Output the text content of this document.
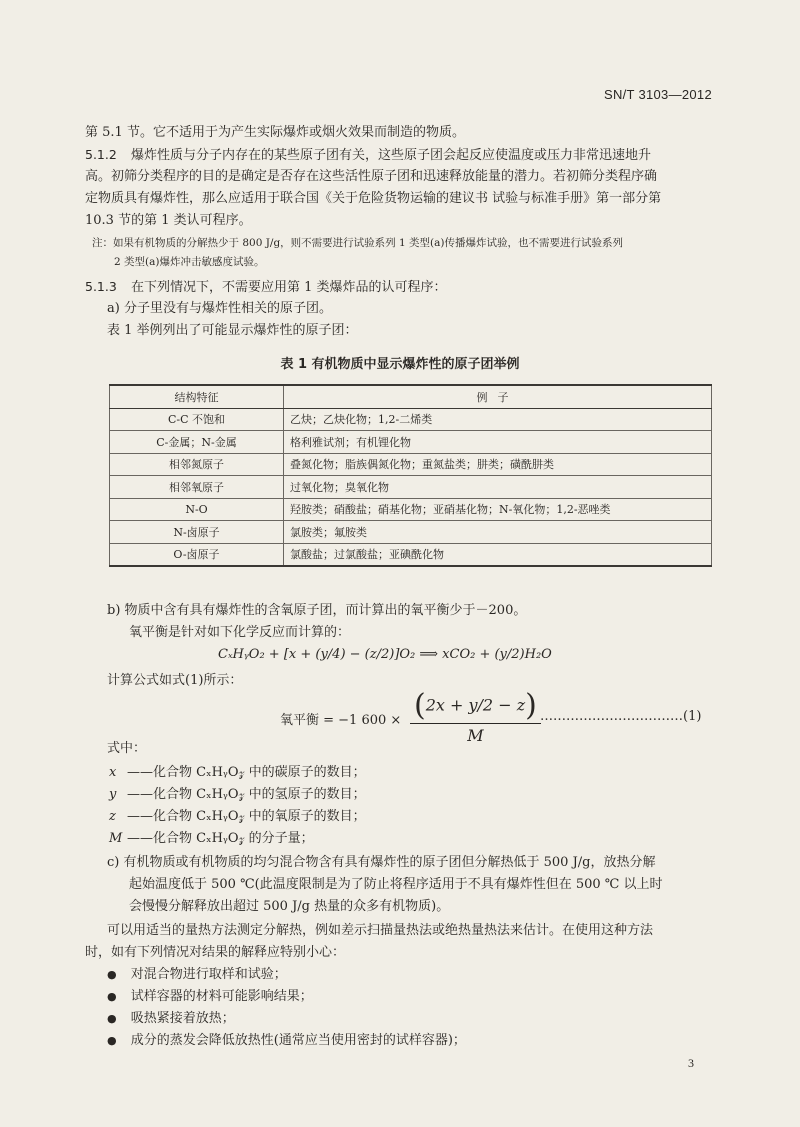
SN/T 3103—2012
第 5.1 节。它不适用于为产生实际爆炸或烟火效果而制造的物质。
5.1.2 爆炸性质与分子内存在的某些原子团有关，这些原子团会起反应使温度或压力非常迅速地升
高。初筛分类程序的目的是确定是否存在这些活性原子团和迅速释放能量的潜力。若初筛分类程序确
定物质具有爆炸性，那么应适用于联合国《关于危险货物运输的建议书 试验与标准手册》第一部分第
10.3 节的第 1 类认可程序。
注：如果有机物质的分解热少于 800 J/g，则不需要进行试验系列 1 类型(a)传播爆炸试验，也不需要进行试验系列
2 类型(a)爆炸冲击敏感度试验。
5.1.3 在下列情况下，不需要应用第 1 类爆炸品的认可程序：
a) 分子里没有与爆炸性相关的原子团。
表 1 举例列出了可能显示爆炸性的原子团：
表 1 有机物质中显示爆炸性的原子团举例
结构特征	例子
C-C 不饱和	乙炔；乙炔化物；1,2-二烯类
C-金属；N-金属	格利雅试剂；有机锂化物
相邻氮原子	叠氮化物；脂族偶氮化物；重氮盐类；肼类；磺酰肼类
相邻氧原子	过氧化物；臭氧化物
N-O	羟胺类；硝酸盐；硝基化物；亚硝基化物；N-氧化物；1,2-恶唑类
N-卤原子	氯胺类；氟胺类
O-卤原子	氯酸盐；过氯酸盐；亚碘酰化物
b) 物质中含有具有爆炸性的含氧原子团，而计算出的氧平衡少于－200。
氧平衡是针对如下化学反应而计算的：
CₓHᵧO₂ + [x + (y/4) − (z/2)]O₂ ⟹ xCO₂ + (y/2)H₂O
计算公式如式(1)所示：
氧平衡 = −1 600 × (2x + y/2 − z)
M
……………………………(1)
式中：
x ——化合物 CₓHᵧO𝓏 中的碳原子的数目；
y ——化合物 CₓHᵧO𝓏 中的氢原子的数目；
z ——化合物 CₓHᵧO𝓏 中的氧原子的数目；
M ——化合物 CₓHᵧO𝓏 的分子量；
c) 有机物质或有机物质的均匀混合物含有具有爆炸性的原子团但分解热低于 500 J/g，放热分解
起始温度低于 500 ℃(此温度限制是为了防止将程序适用于不具有爆炸性但在 500 ℃ 以上时
会慢慢分解释放出超过 500 J/g 热量的众多有机物质)。
可以用适当的量热方法测定分解热，例如差示扫描量热法或绝热量热法来估计。在使用这种方法
时，如有下列情况对结果的解释应特别小心：
● 对混合物进行取样和试验；
● 试样容器的材料可能影响结果；
● 吸热紧接着放热；
● 成分的蒸发会降低放热性(通常应当使用密封的试样容器)；
3
